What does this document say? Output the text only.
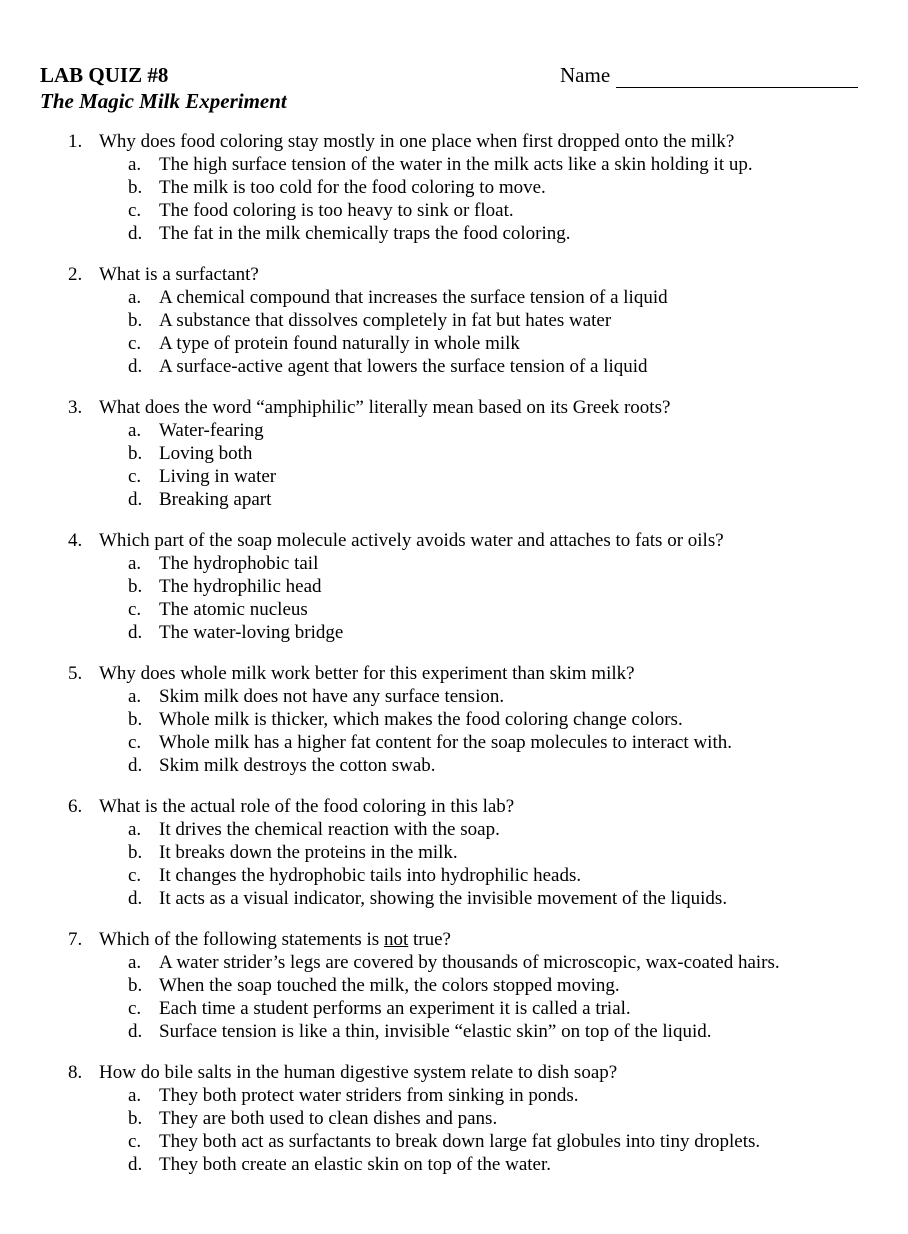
LAB QUIZ #8
The Magic Milk Experiment
Name
1. Why does food coloring stay mostly in one place when first dropped onto the milk?
a. The high surface tension of the water in the milk acts like a skin holding it up.
b. The milk is too cold for the food coloring to move.
c. The food coloring is too heavy to sink or float.
d. The fat in the milk chemically traps the food coloring.
2. What is a surfactant?
a. A chemical compound that increases the surface tension of a liquid
b. A substance that dissolves completely in fat but hates water
c. A type of protein found naturally in whole milk
d. A surface-active agent that lowers the surface tension of a liquid
3. What does the word “amphiphilic” literally mean based on its Greek roots?
a. Water-fearing
b. Loving both
c. Living in water
d. Breaking apart
4. Which part of the soap molecule actively avoids water and attaches to fats or oils?
a. The hydrophobic tail
b. The hydrophilic head
c. The atomic nucleus
d. The water-loving bridge
5. Why does whole milk work better for this experiment than skim milk?
a. Skim milk does not have any surface tension.
b. Whole milk is thicker, which makes the food coloring change colors.
c. Whole milk has a higher fat content for the soap molecules to interact with.
d. Skim milk destroys the cotton swab.
6. What is the actual role of the food coloring in this lab?
a. It drives the chemical reaction with the soap.
b. It breaks down the proteins in the milk.
c. It changes the hydrophobic tails into hydrophilic heads.
d. It acts as a visual indicator, showing the invisible movement of the liquids.
7. Which of the following statements is not true?
a. A water strider’s legs are covered by thousands of microscopic, wax-coated hairs.
b. When the soap touched the milk, the colors stopped moving.
c. Each time a student performs an experiment it is called a trial.
d. Surface tension is like a thin, invisible “elastic skin” on top of the liquid.
8. How do bile salts in the human digestive system relate to dish soap?
a. They both protect water striders from sinking in ponds.
b. They are both used to clean dishes and pans.
c. They both act as surfactants to break down large fat globules into tiny droplets.
d. They both create an elastic skin on top of the water.
